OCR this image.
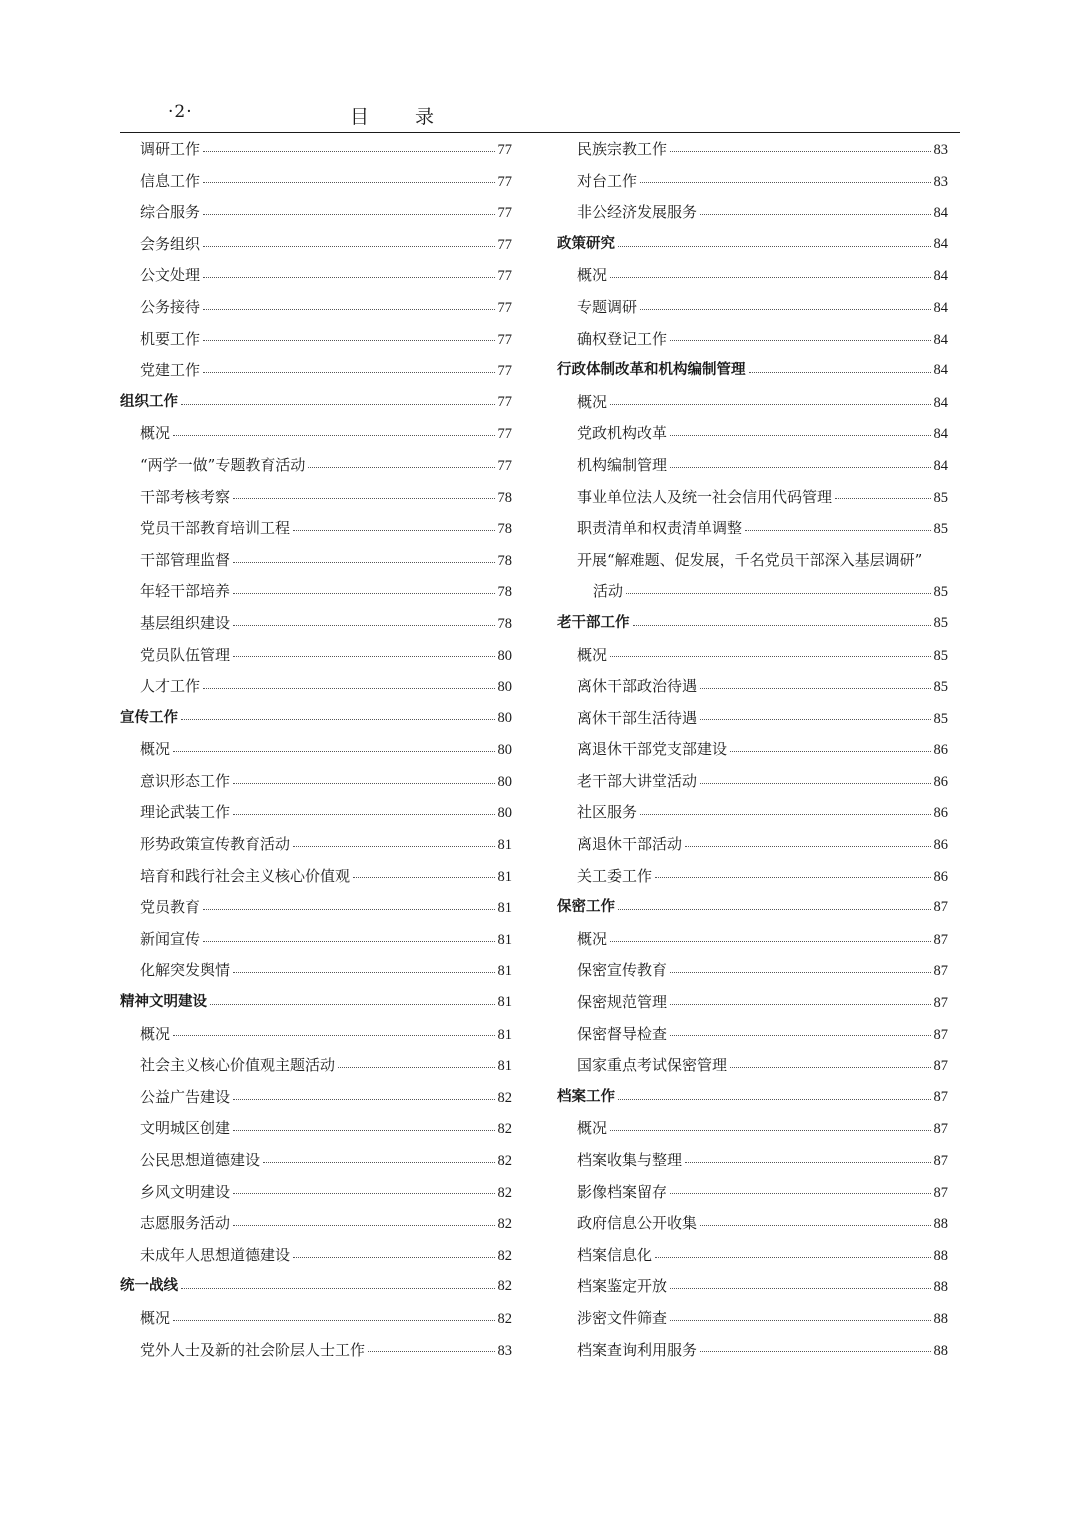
·2·	目 录
调研工作	77
信息工作	77
综合服务	77
会务组织	77
公文处理	77
公务接待	77
机要工作	77
党建工作	77
组织工作	77
概况	77
“两学一做”专题教育活动	77
干部考核考察	78
党员干部教育培训工程	78
干部管理监督	78
年轻干部培养	78
基层组织建设	78
党员队伍管理	80
人才工作	80
宣传工作	80
概况	80
意识形态工作	80
理论武装工作	80
形势政策宣传教育活动	81
培育和践行社会主义核心价值观	81
党员教育	81
新闻宣传	81
化解突发舆情	81
精神文明建设	81
概况	81
社会主义核心价值观主题活动	81
公益广告建设	82
文明城区创建	82
公民思想道德建设	82
乡风文明建设	82
志愿服务活动	82
未成年人思想道德建设	82
统一战线	82
概况	82
党外人士及新的社会阶层人士工作	83
民族宗教工作	83
对台工作	83
非公经济发展服务	84
政策研究	84
概况	84
专题调研	84
确权登记工作	84
行政体制改革和机构编制管理	84
概况	84
党政机构改革	84
机构编制管理	84
事业单位法人及统一社会信用代码管理	85
职责清单和权责清单调整	85
开展“解难题、促发展，千名党员干部深入基层调研”
活动	85
老干部工作	85
概况	85
离休干部政治待遇	85
离休干部生活待遇	85
离退休干部党支部建设	86
老干部大讲堂活动	86
社区服务	86
离退休干部活动	86
关工委工作	86
保密工作	87
概况	87
保密宣传教育	87
保密规范管理	87
保密督导检查	87
国家重点考试保密管理	87
档案工作	87
概况	87
档案收集与整理	87
影像档案留存	87
政府信息公开收集	88
档案信息化	88
档案鉴定开放	88
涉密文件筛查	88
档案查询利用服务	88
